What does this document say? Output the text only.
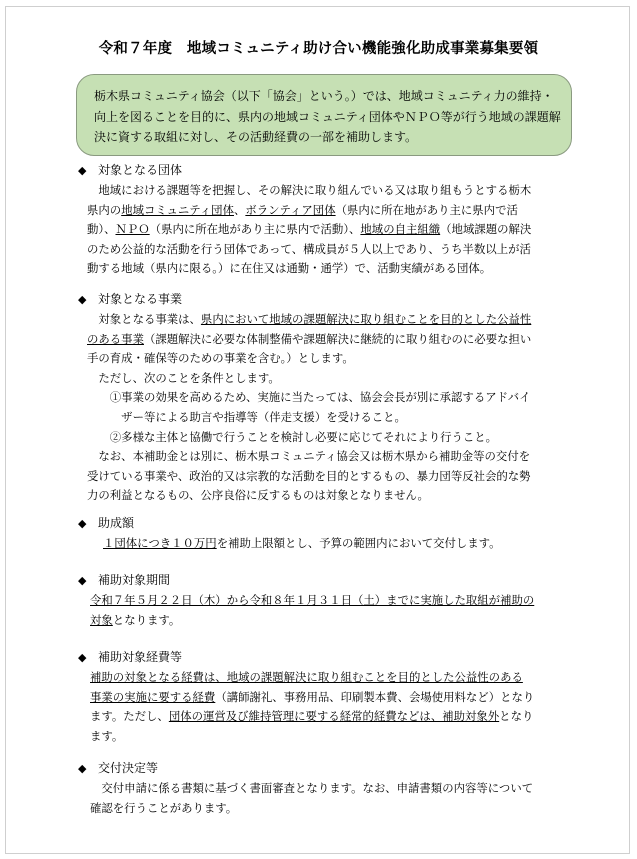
令和７年度　地域コミュニティ助け合い機能強化助成事業募集要領

栃木県コミュニティ協会（以下「協会」という。）では、地域コミュニティ力の維持・
向上を図ることを目的に、県内の地域コミュニティ団体やＮＰＯ等が行う地域の課題解
決に資する取組に対し、その活動経費の一部を補助します。

◆ 対象となる団体
　地域における課題等を把握し、その解決に取り組んでいる又は取り組もうとする栃木
県内の地域コミュニティ団体、ボランティア団体（県内に所在地があり主に県内で活
動）、ＮＰＯ（県内に所在地があり主に県内で活動）、地域の自主組織（地域課題の解決
のため公益的な活動を行う団体であって、構成員が５人以上であり、うち半数以上が活
動する地域（県内に限る。）に在住又は通勤・通学）で、活動実績がある団体。
◆ 対象となる事業
　対象となる事業は、県内において地域の課題解決に取り組むことを目的とした公益性
のある事業（課題解決に必要な体制整備や課題解決に継続的に取り組むのに必要な担い
手の育成・確保等のための事業を含む。）とします。
　ただし、次のことを条件とします。
　　①事業の効果を高めるため、実施に当たっては、協会会長が別に承認するアドバイ
　　　ザー等による助言や指導等（伴走支援）を受けること。
　　②多様な主体と協働で行うことを検討し必要に応じてそれにより行うこと。
　なお、本補助金とは別に、栃木県コミュニティ協会又は栃木県から補助金等の交付を
受けている事業や、政治的又は宗教的な活動を目的とするもの、暴力団等反社会的な勢
力の利益となるもの、公序良俗に反するものは対象となりません。
◆ 助成額
１団体につき１０万円を補助上限額とし、予算の範囲内において交付します。
◆ 補助対象期間
令和７年５月２２日（木）から令和８年１月３１日（土）までに実施した取組が補助の
対象となります。
◆ 補助対象経費等
補助の対象となる経費は、地域の課題解決に取り組むことを目的とした公益性のある
事業の実施に要する経費（講師謝礼、事務用品、印刷製本費、会場使用料など）となり
ます。ただし、団体の運営及び維持管理に要する経常的経費などは、補助対象外となり
ます。
◆ 交付決定等
　交付申請に係る書類に基づく書面審査となります。なお、申請書類の内容等について
確認を行うことがあります。
